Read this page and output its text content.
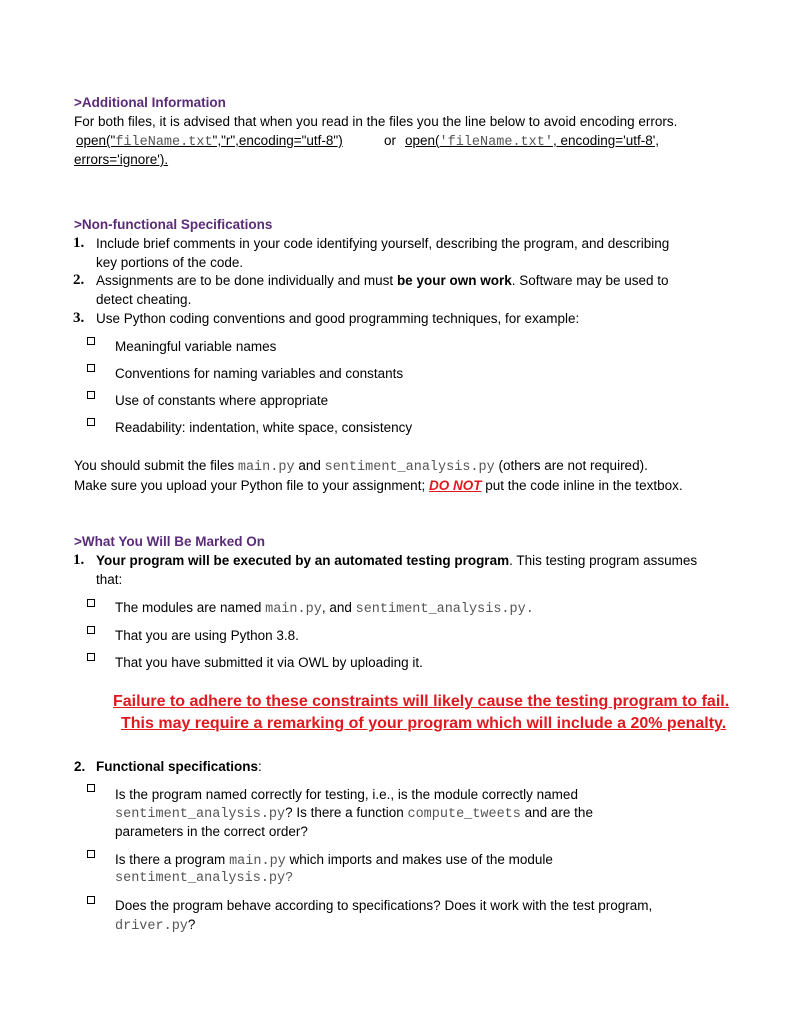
>Additional Information
For both files, it is advised that when you read in the files you the line below to avoid encoding errors.
open("fileName.txt","r",encoding="utf-8")	or open('fileName.txt', encoding='utf-8',
errors='ignore').
>Non-functional Specifications
1. Include brief comments in your code identifying yourself, describing the program, and describing
key portions of the code.
2. Assignments are to be done individually and must be your own work. Software may be used to
detect cheating.
3. Use Python coding conventions and good programming techniques, for example:
Meaningful variable names
Conventions for naming variables and constants
Use of constants where appropriate
Readability: indentation, white space, consistency
You should submit the files main.py and sentiment_analysis.py (others are not required).
Make sure you upload your Python file to your assignment; DO NOT put the code inline in the textbox.
>What You Will Be Marked On
1. Your program will be executed by an automated testing program. This testing program assumes
that:
The modules are named main.py, and sentiment_analysis.py.
That you are using Python 3.8.
That you have submitted it via OWL by uploading it.
Failure to adhere to these constraints will likely cause the testing program to fail.
This may require a remarking of your program which will include a 20% penalty.
2. Functional specifications:
Is the program named correctly for testing, i.e., is the module correctly named
sentiment_analysis.py? Is there a function compute_tweets and are the
parameters in the correct order?
Is there a program main.py which imports and makes use of the module
sentiment_analysis.py?
Does the program behave according to specifications? Does it work with the test program,
driver.py?
